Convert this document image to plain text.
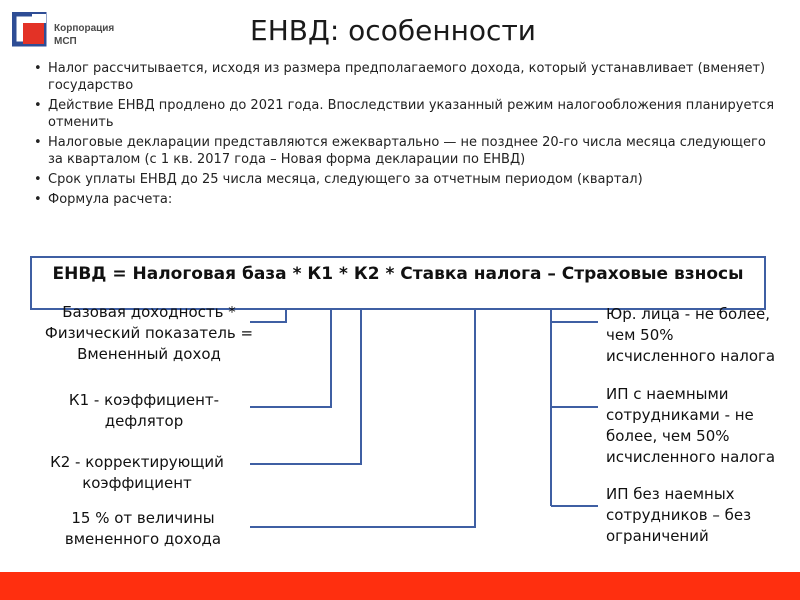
Корпорация
МСП	ЕНВД: особенности
• Налог рассчитывается, исходя из размера предполагаемого дохода, который устанавливает (вменяет) государство
• Действие ЕНВД продлено до 2021 года. Впоследствии указанный режим налогообложения планируется отменить
• Налоговые декларации представляются ежеквартально — не позднее 20-го числа месяца следующего за кварталом (с 1 кв. 2017 года – Новая форма декларации по ЕНВД)
• Срок уплаты ЕНВД до 25 числа месяца, следующего за отчетным периодом (квартал)
• Формула расчета:
ЕНВД = Налоговая база * К1 * К2 * Ставка налога – Страховые взносы
Базовая доходность * Физический показатель = Вмененный доход
К1 - коэффициент-дефлятор
К2 - корректирующий коэффициент
15 % от величины вмененного дохода
Юр. лица - не более, чем 50% исчисленного налога
ИП с наемными сотрудниками - не более, чем 50% исчисленного налога
ИП без наемных сотрудников – без ограничений
